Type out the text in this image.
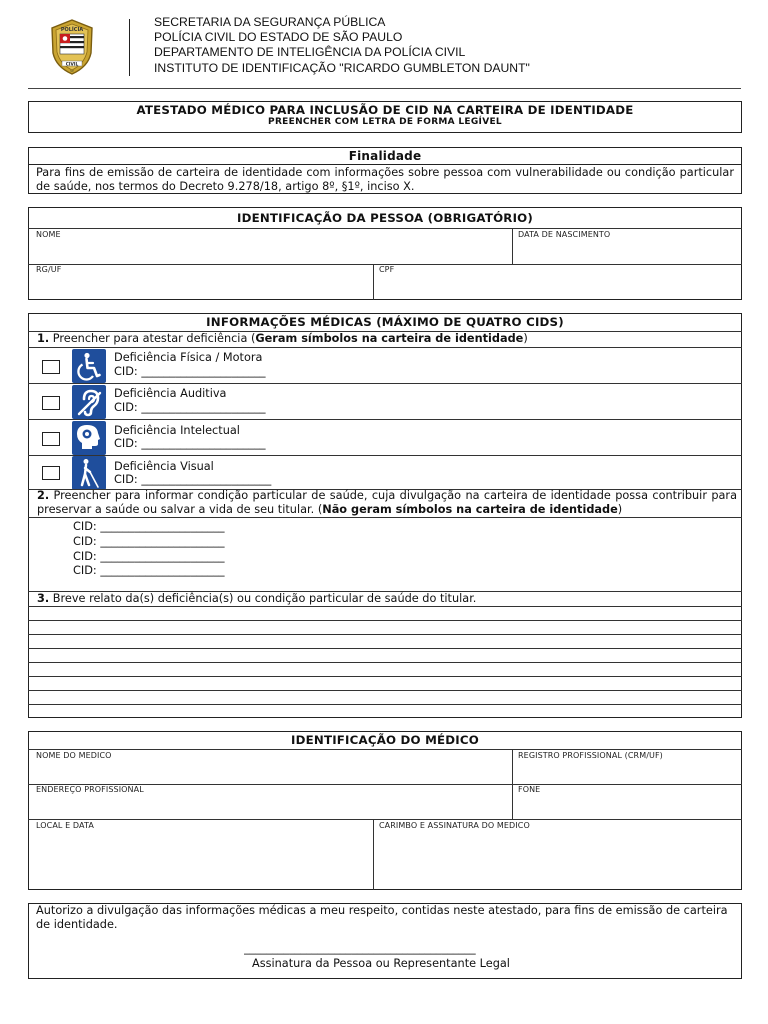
POLÍCIA
CIVIL
SP
SECRETARIA DA SEGURANÇA PÚBLICA
POLÍCIA CIVIL DO ESTADO DE SÃO PAULO
DEPARTAMENTO DE INTELIGÊNCIA DA POLÍCIA CIVIL
INSTITUTO DE IDENTIFICAÇÃO "RICARDO GUMBLETON DAUNT"
ATESTADO MÉDICO PARA INCLUSÃO DE CID NA CARTEIRA DE IDENTIDADE
PREENCHER COM LETRA DE FORMA LEGÍVEL
Finalidade
Para fins de emissão de carteira de identidade com informações sobre pessoa com vulnerabilidade ou condição particular de saúde, nos termos do Decreto 9.278/18, artigo 8º, §1º, inciso X.
IDENTIFICAÇÃO DA PESSOA (OBRIGATÓRIO)
NOME	DATA DE NASCIMENTO
RG/UF	CPF
INFORMAÇÕES MÉDICAS (MÁXIMO DE QUATRO CIDS)
1. Preencher para atestar deficiência (Geram símbolos na carteira de identidade)
Deficiência Física / Motora
CID: ______________________
Deficiência Auditiva
CID: ______________________
Deficiência Intelectual
CID: ______________________
Deficiência Visual
CID: _______________________
2. Preencher para informar condição particular de saúde, cuja divulgação na carteira de identidade possa contribuir para preservar a saúde ou salvar a vida de seu titular. (Não geram símbolos na carteira de identidade)
CID: ______________________
CID: ______________________
CID: ______________________
CID: ______________________
3. Breve relato da(s) deficiência(s) ou condição particular de saúde do titular.
IDENTIFICAÇÃO DO MÉDICO
NOME DO MEDICO	REGISTRO PROFISSIONAL (CRM/UF)
ENDEREÇO PROFISSIONAL	FONE
LOCAL E DATA	CARIMBO E ASSINATURA DO MEDICO
Autorizo a divulgação das informações médicas a meu respeito, contidas neste atestado, para fins de emissão de carteira de identidade.
_________________________________________
Assinatura da Pessoa ou Representante Legal
